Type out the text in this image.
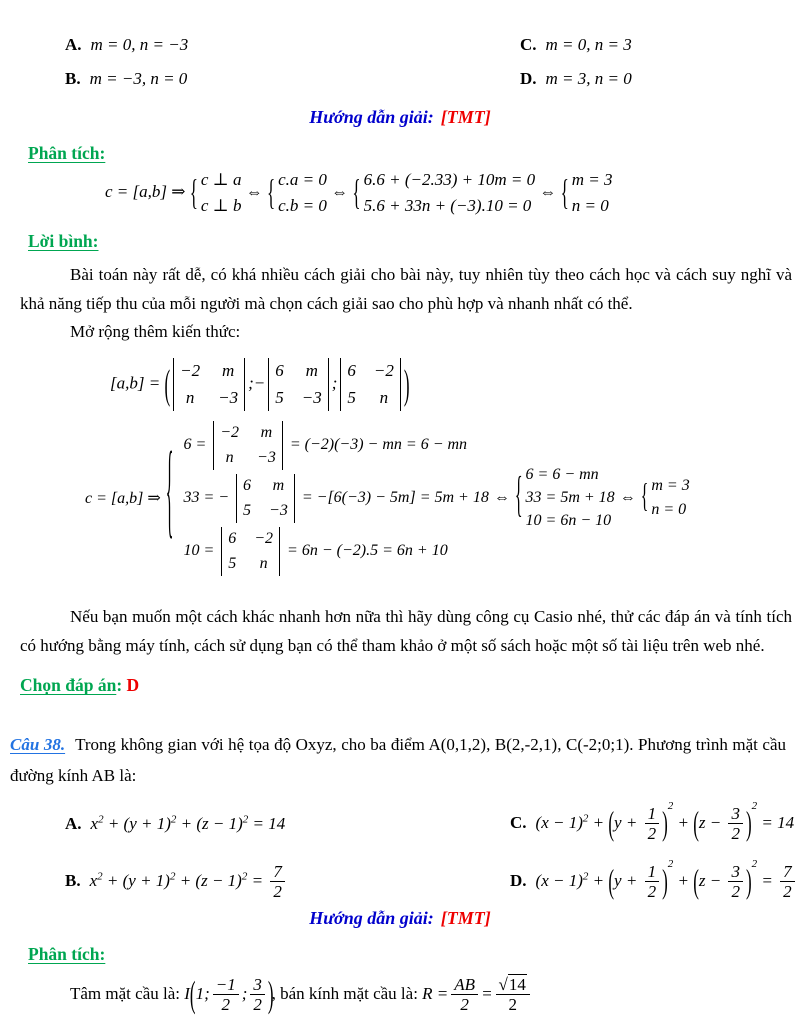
A. m = 0, n = −3	C. m = 0, n = 3
B. m = −3, n = 0	D. m = 3, n = 0
Hướng dẫn giải: [TMT]
Phân tích:
c = [a,b] ⇒ { c ⊥ a
c ⊥ b
⇔ { c.a = 0
c.b = 0
⇔ { 6.6 + (−2.33) + 10m = 0
5.6 + 33n + (−3).10 = 0
⇔ { m = 3
n = 0
Lời bình:

Bài toán này rất dễ, có khá nhiều cách giải cho bài này, tuy nhiên tùy theo cách học và cách suy nghĩ và khả năng tiếp thu của mỗi người mà chọn cách giải sao cho phù hợp và nhanh nhất có thể.

Mở rộng thêm kiến thức:
[a,b] = ( −2 m
n −3
;−
6 m
5 −3
;
6 −2
5 n )
c = [a,b] ⇒ { 6 =
−2 m
n −3
= (−2)(−3) − mn = 6 − mn
33 = −
6 m
5 −3
= −[6(−3) − 5m] = 5m + 18
10 =
6 −2
5 n
= 6n − (−2).5 = 6n + 10
⇔ { 6 = 6 − mn
33 = 5m + 18
10 = 6n − 10
⇔ { m = 3
n = 0

Nếu bạn muốn một cách khác nhanh hơn nữa thì hãy dùng công cụ Casio nhé, thử các đáp án và tính tích có hướng bằng máy tính, cách sử dụng bạn có thể tham khảo ở một số sách hoặc một số tài liệu trên web nhé.

Chọn đáp án: D

Câu 38. Trong không gian với hệ tọa độ Oxyz, cho ba điểm A(0,1,2), B(2,-2,1), C(-2;0;1). Phương trình mặt cầu đường kính AB là:

A. $x^2 + (y + 1)^2 + (z - 1)^2 = 14$	C. $(x - 1)^2 + (y + \frac{1}{2} )^2 + (z - \frac{3}{2} )^2 = 14$
B. $x^2 + (y + 1)^2 + (z - 1)^2 = \frac{7}{2}$	D. $(x - 1)^2 + (y + \frac{1}{2} )^2 + (z - \frac{3}{2} )^2 = \frac{7}{2}$
Hướng dẫn giải: [TMT]
Phân tích:
Tâm mặt cầu là: I(1; $\frac{-1}{2}$ ; $\frac{3}{2}$ ), bán kính mặt cầu là: $R = \frac{AB}{2} = \frac{√14}{2}$
